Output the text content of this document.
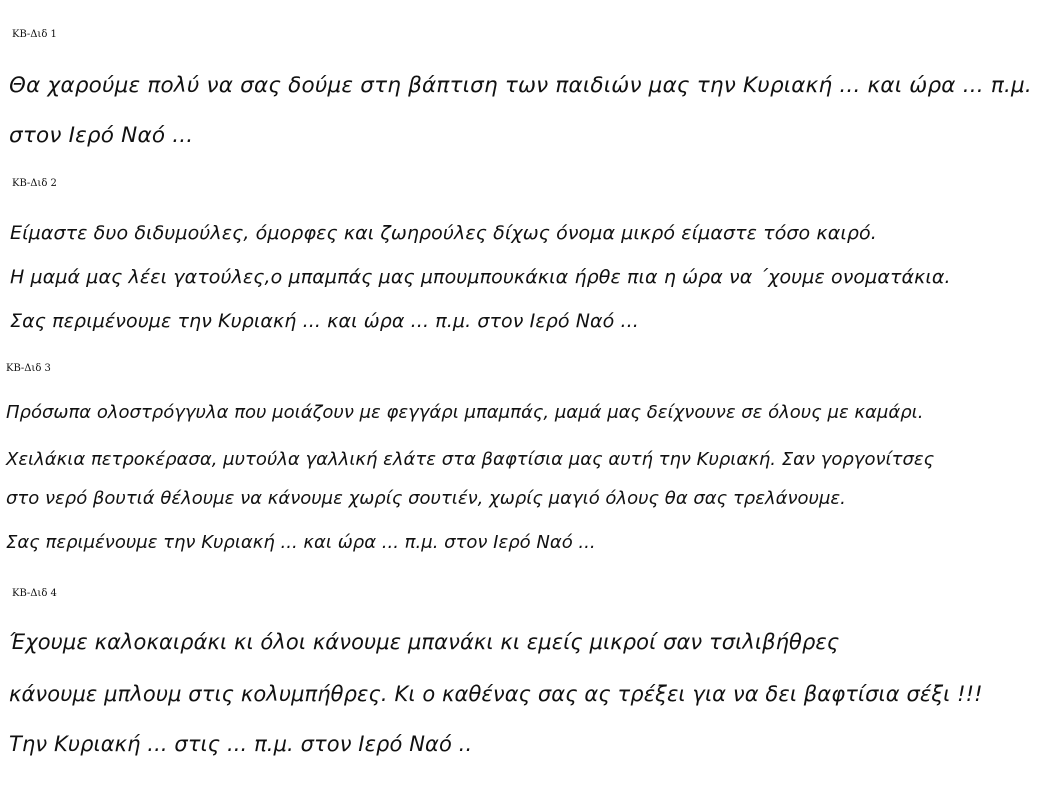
ΚΒ-Διδ 1
Θα χαρούμε πολύ να σας δούμε στη βάπτιση των παιδιών μας την Κυριακή ... και ώρα ... π.μ.
στον Ιερό Ναό ...
ΚΒ-Διδ 2
Είμαστε δυο διδυμούλες, όμορφες και ζωηρούλες δίχως όνομα μικρό είμαστε τόσο καιρό.
Η μαμά μας λέει γατούλες,ο μπαμπάς μας μπουμπουκάκια ήρθε πια η ώρα να ΄χουμε ονοματάκια.
Σας περιμένουμε την Κυριακή ... και ώρα ... π.μ. στον Ιερό Ναό ...
ΚΒ-Διδ 3
Πρόσωπα ολοστρόγγυλα που μοιάζουν με φεγγάρι μπαμπάς, μαμά μας δείχνουνε σε όλους με καμάρι.
Χειλάκια πετροκέρασα, μυτούλα γαλλική ελάτε στα βαφτίσια μας αυτή την Κυριακή. Σαν γοργονίτσες
στο νερό βουτιά θέλουμε να κάνουμε χωρίς σουτιέν, χωρίς μαγιό όλους θα σας τρελάνουμε.
Σας περιμένουμε την Κυριακή ... και ώρα ... π.μ. στον Ιερό Ναό ...
ΚΒ-Διδ 4
Έχουμε καλοκαιράκι κι όλοι κάνουμε μπανάκι κι εμείς μικροί σαν τσιλιβήθρες
κάνουμε μπλουμ στις κολυμπήθρες. Κι ο καθένας σας ας τρέξει για να δει βαφτίσια σέξι !!!
Την Κυριακή ... στις ... π.μ. στον Ιερό Ναό ..
